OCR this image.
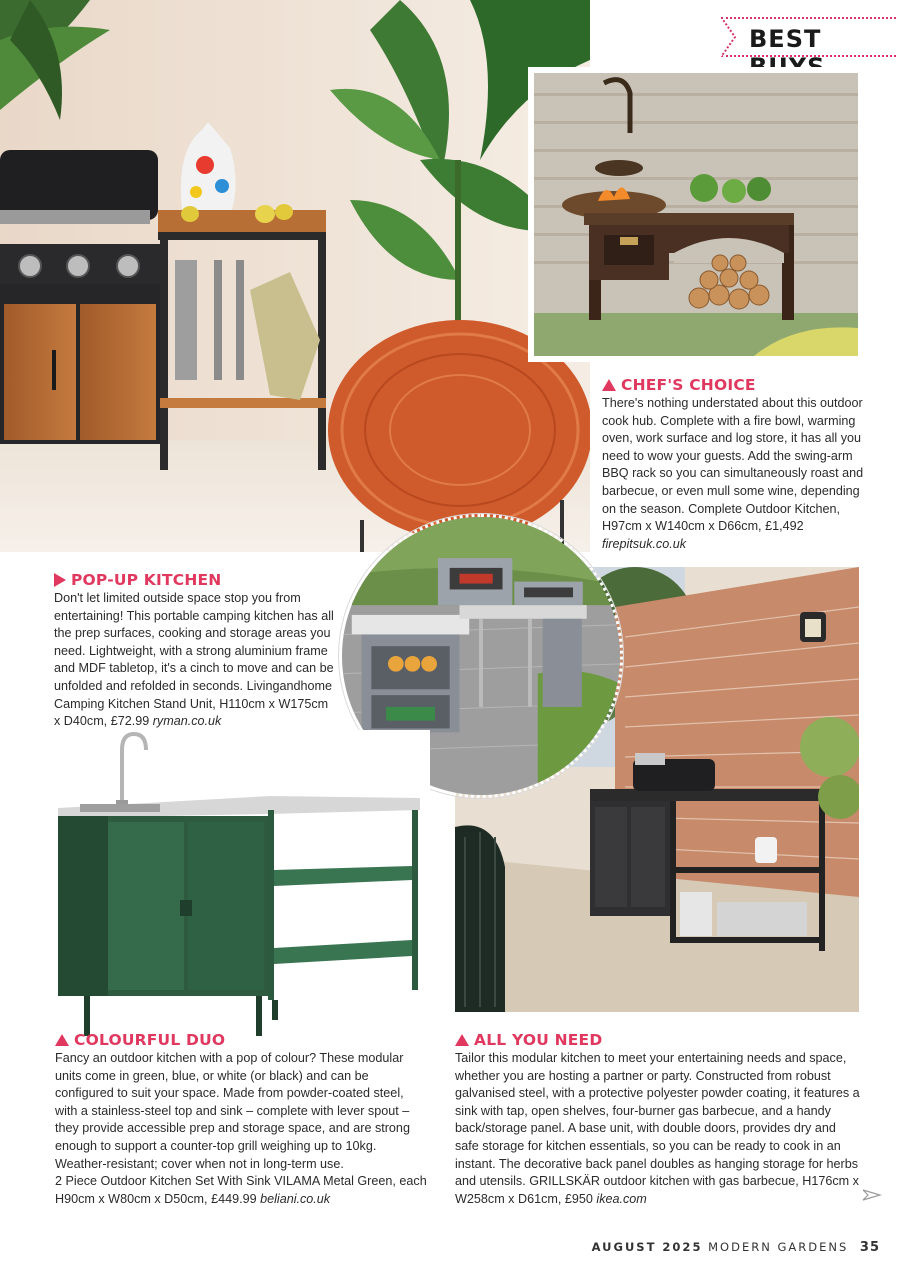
BEST
CHEF'S CHOICE

There's nothing understated about this outdoor cook hub. Complete with a fire bowl, warming oven, work surface and log store, it has all you need to wow your guests. Add the swing-arm BBQ rack so you can simultaneously roast and barbecue, or even mull some wine, depending on the season. Complete Outdoor Kitchen, H97cm x W140cm x D66cm, £1,492 firepitsuk.co.uk

POP-UP KITCHEN

Don't let limited outside space stop you from entertaining! This portable camping kitchen has all the prep surfaces, cooking and storage areas you need. Lightweight, with a strong aluminium frame and MDF tabletop, it's a cinch to move and can be unfolded and refolded in seconds. Livingandhome Camping Kitchen Stand Unit, H110cm x W175cm x D40cm, £72.99 ryman.co.uk

COLOURFUL DUO

Fancy an outdoor kitchen with a pop of colour? These modular units come in green, blue, or white (or black) and can be configured to suit your space. Made from powder-coated steel, with a stainless-steel top and sink – complete with lever spout – they provide accessible prep and storage space, and are strong enough to support a counter-top grill weighing up to 10kg. Weather-resistant; cover when not in long-term use.
2 Piece Outdoor Kitchen Set With Sink VILAMA Metal Green, each H90cm x W80cm x D50cm, £449.99 beliani.co.uk

ALL YOU NEED

Tailor this modular kitchen to meet your entertaining needs and space, whether you are hosting a partner or party. Constructed from robust galvanised steel, with a protective polyester powder coating, it features a sink with tap, open shelves, four-burner gas barbecue, and a handy back/storage panel. A base unit, with double doors, provides dry and safe storage for kitchen essentials, so you can be ready to cook in an instant. The decorative back panel doubles as hanging storage for herbs and utensils. GRILLSKÄR outdoor kitchen with gas barbecue, H176cm x W258cm x D61cm, £950 ikea.com

AUGUST 2025 MODERN GARDENS 35
